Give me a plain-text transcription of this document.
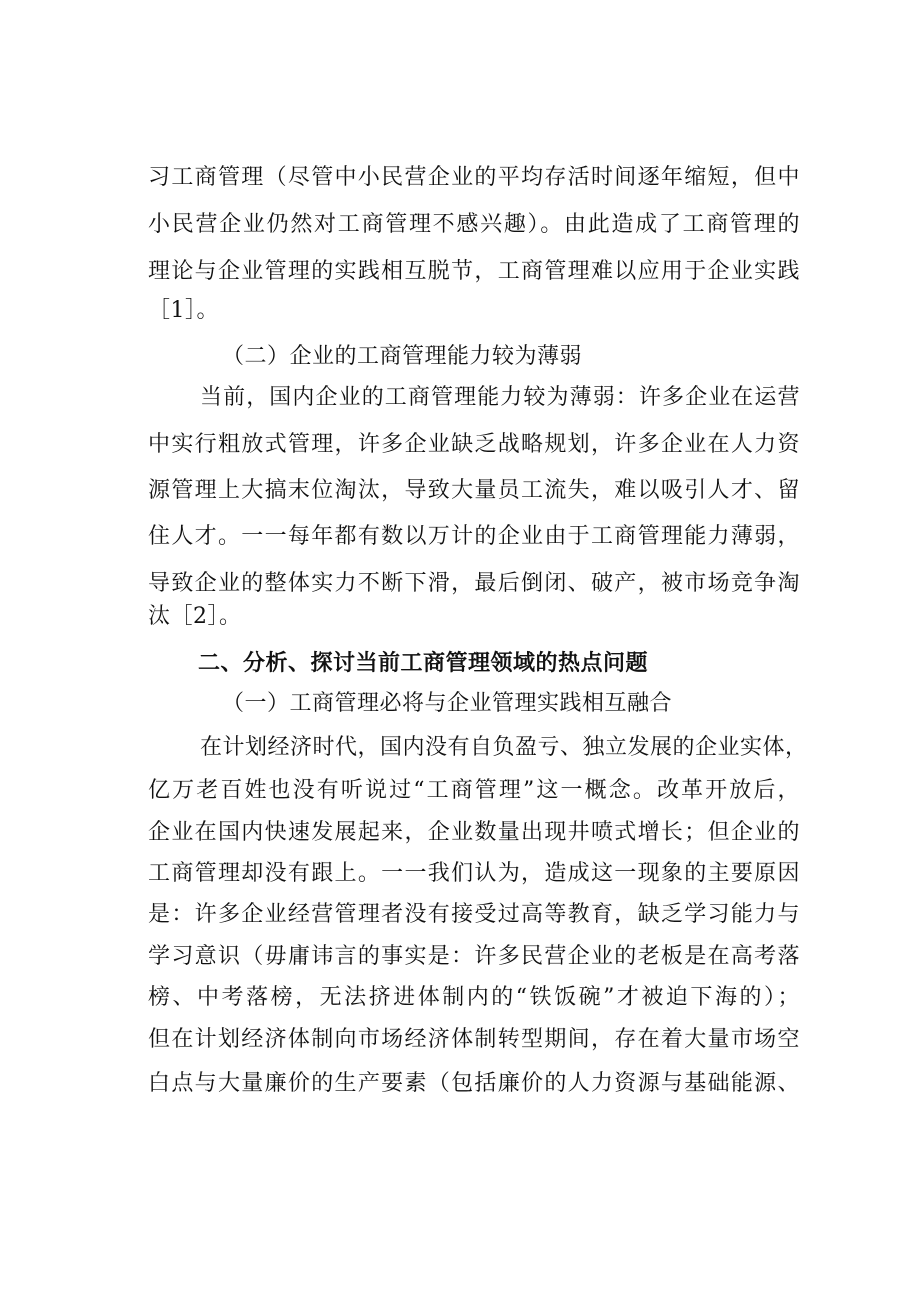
习工商管理（尽管中小民营企业的平均存活时间逐年缩短，但中
小民营企业仍然对工商管理不感兴趣）。由此造成了工商管理的
理论与企业管理的实践相互脱节，工商管理难以应用于企业实践
［1］。
（二）企业的工商管理能力较为薄弱
当前，国内企业的工商管理能力较为薄弱：许多企业在运营
中实行粗放式管理，许多企业缺乏战略规划，许多企业在人力资
源管理上大搞末位淘汰，导致大量员工流失，难以吸引人才、留
住人才。一一每年都有数以万计的企业由于工商管理能力薄弱，
导致企业的整体实力不断下滑，最后倒闭、破产，被市场竞争淘
汰［2］。
二、分析、探讨当前工商管理领域的热点问题
（一）工商管理必将与企业管理实践相互融合
在计划经济时代，国内没有自负盈亏、独立发展的企业实体，
亿万老百姓也没有听说过“工商管理”这一概念。改革开放后，
企业在国内快速发展起来，企业数量出现井喷式增长；但企业的
工商管理却没有跟上。一一我们认为，造成这一现象的主要原因
是：许多企业经营管理者没有接受过高等教育，缺乏学习能力与
学习意识（毋庸讳言的事实是：许多民营企业的老板是在高考落
榜、中考落榜，无法挤进体制内的“铁饭碗”才被迫下海的）；
但在计划经济体制向市场经济体制转型期间，存在着大量市场空
白点与大量廉价的生产要素（包括廉价的人力资源与基础能源、
